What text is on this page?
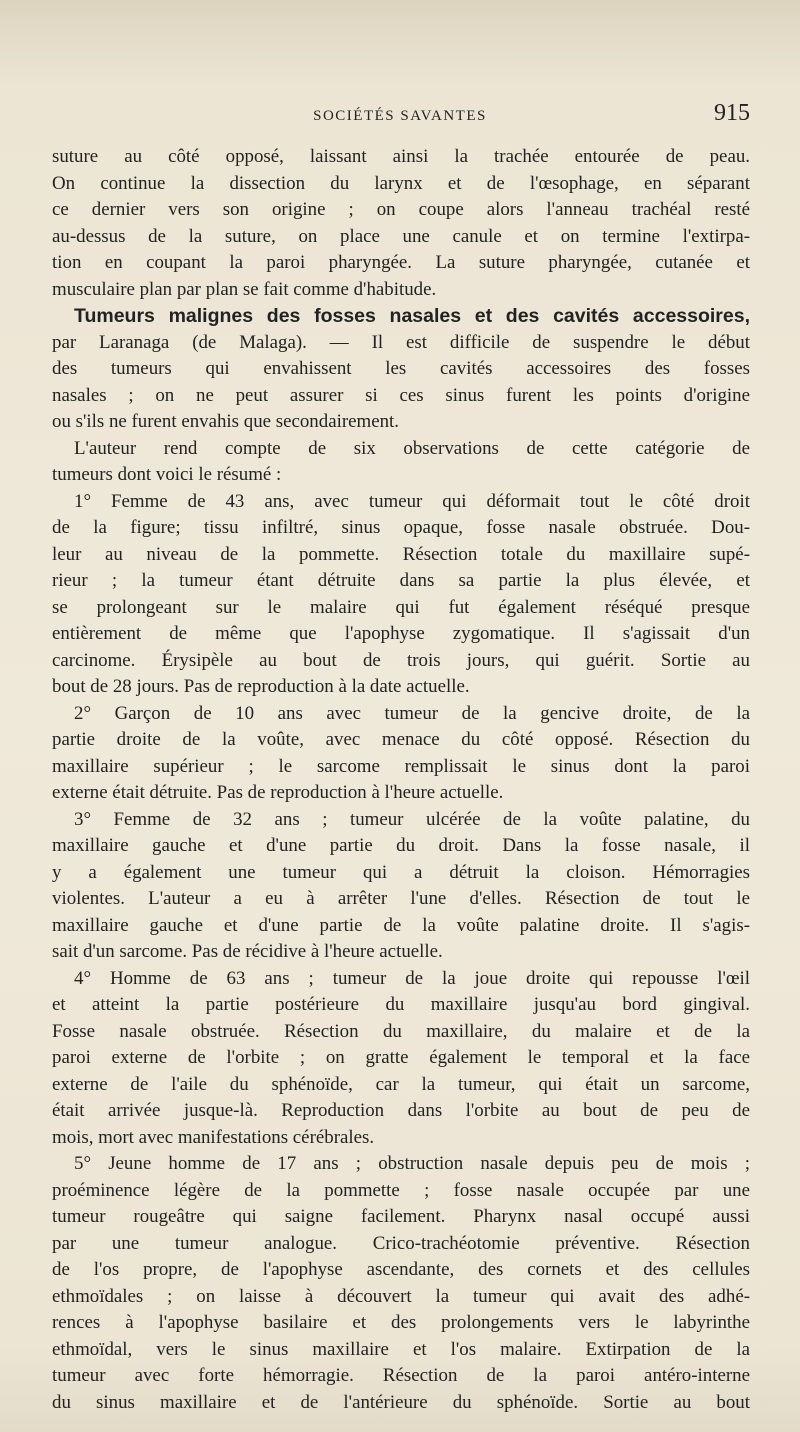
SOCIÉTÉS SAVANTES	915
suture au côté opposé, laissant ainsi la trachée entourée de peau.
On continue la dissection du larynx et de l'œsophage, en séparant
ce dernier vers son origine ; on coupe alors l'anneau trachéal resté
au-dessus de la suture, on place une canule et on termine l'extirpa-
tion en coupant la paroi pharyngée. La suture pharyngée, cutanée et
musculaire plan par plan se fait comme d'habitude.
Tumeurs malignes des fosses nasales et des cavités accessoires,
par Laranaga (de Malaga). — Il est difficile de suspendre le début
des tumeurs qui envahissent les cavités accessoires des fosses
nasales ; on ne peut assurer si ces sinus furent les points d'origine
ou s'ils ne furent envahis que secondairement.
L'auteur rend compte de six observations de cette catégorie de
tumeurs dont voici le résumé :
1° Femme de 43 ans, avec tumeur qui déformait tout le côté droit
de la figure; tissu infiltré, sinus opaque, fosse nasale obstruée. Dou-
leur au niveau de la pommette. Résection totale du maxillaire supé-
rieur ; la tumeur étant détruite dans sa partie la plus élevée, et
se prolongeant sur le malaire qui fut également réséqué presque
entièrement de même que l'apophyse zygomatique. Il s'agissait d'un
carcinome. Érysipèle au bout de trois jours, qui guérit. Sortie au
bout de 28 jours. Pas de reproduction à la date actuelle.
2° Garçon de 10 ans avec tumeur de la gencive droite, de la
partie droite de la voûte, avec menace du côté opposé. Résection du
maxillaire supérieur ; le sarcome remplissait le sinus dont la paroi
externe était détruite. Pas de reproduction à l'heure actuelle.
3° Femme de 32 ans ; tumeur ulcérée de la voûte palatine, du
maxillaire gauche et d'une partie du droit. Dans la fosse nasale, il
y a également une tumeur qui a détruit la cloison. Hémorragies
violentes. L'auteur a eu à arrêter l'une d'elles. Résection de tout le
maxillaire gauche et d'une partie de la voûte palatine droite. Il s'agis-
sait d'un sarcome. Pas de récidive à l'heure actuelle.
4° Homme de 63 ans ; tumeur de la joue droite qui repousse l'œil
et atteint la partie postérieure du maxillaire jusqu'au bord gingival.
Fosse nasale obstruée. Résection du maxillaire, du malaire et de la
paroi externe de l'orbite ; on gratte également le temporal et la face
externe de l'aile du sphénoïde, car la tumeur, qui était un sarcome,
était arrivée jusque-là. Reproduction dans l'orbite au bout de peu de
mois, mort avec manifestations cérébrales.
5° Jeune homme de 17 ans ; obstruction nasale depuis peu de mois ;
proéminence légère de la pommette ; fosse nasale occupée par une
tumeur rougeâtre qui saigne facilement. Pharynx nasal occupé aussi
par une tumeur analogue. Crico-trachéotomie préventive. Résection
de l'os propre, de l'apophyse ascendante, des cornets et des cellules
ethmoïdales ; on laisse à découvert la tumeur qui avait des adhé-
rences à l'apophyse basilaire et des prolongements vers le labyrinthe
ethmoïdal, vers le sinus maxillaire et l'os malaire. Extirpation de la
tumeur avec forte hémorragie. Résection de la paroi antéro-interne
du sinus maxillaire et de l'antérieure du sphénoïde. Sortie au bout
